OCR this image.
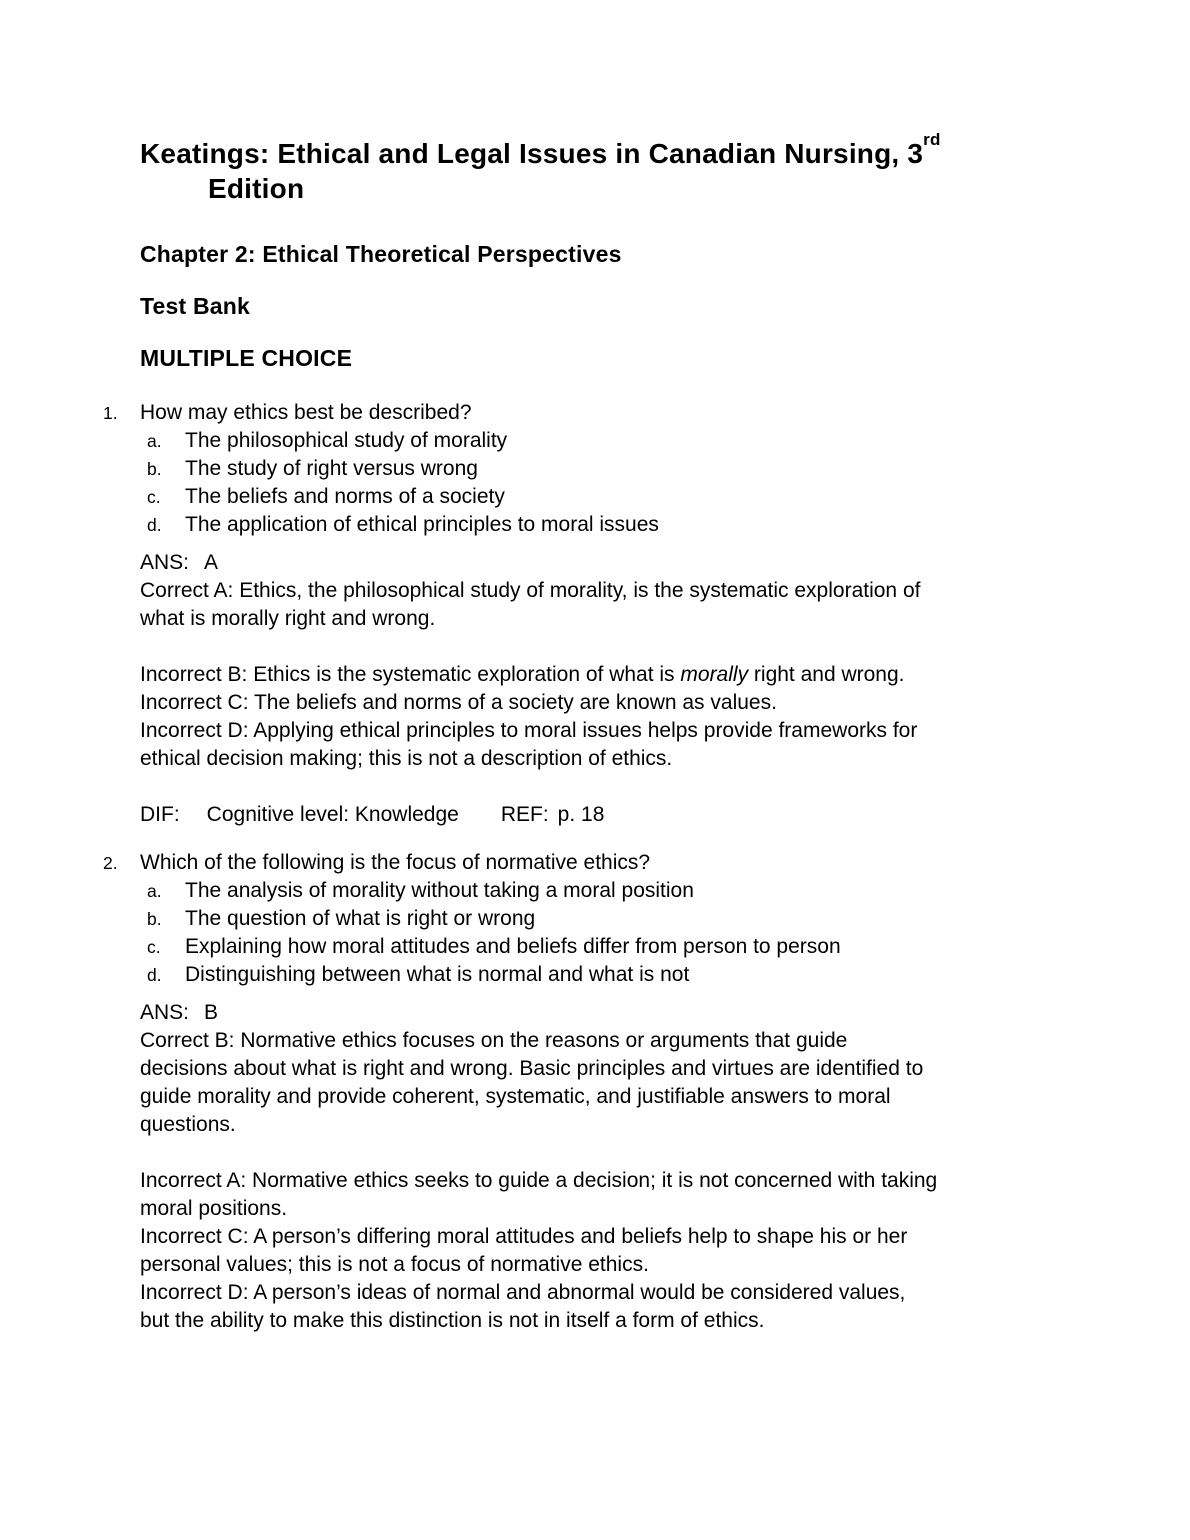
Keatings: Ethical and Legal Issues in Canadian Nursing, 3rd
Edition
Chapter 2: Ethical Theoretical Perspectives
Test Bank
MULTIPLE CHOICE
1.	How may ethics best be described?
a.	The philosophical study of morality
b.	The study of right versus wrong
c.	The beliefs and norms of a society
d.	The application of ethical principles to moral issues
ANS: A

Correct A: Ethics, the philosophical study of morality, is the systematic exploration of what is morally right and wrong.

Incorrect B: Ethics is the systematic exploration of what is morally right and wrong.

Incorrect C: The beliefs and norms of a society are known as values.

Incorrect D: Applying ethical principles to moral issues helps provide frameworks for ethical decision making; this is not a description of ethics.

DIF: Cognitive level: Knowledge REF: p. 18
2.	Which of the following is the focus of normative ethics?
a.	The analysis of morality without taking a moral position
b.	The question of what is right or wrong
c.	Explaining how moral attitudes and beliefs differ from person to person
d.	Distinguishing between what is normal and what is not
ANS: B

Correct B: Normative ethics focuses on the reasons or arguments that guide decisions about what is right and wrong. Basic principles and virtues are identified to guide morality and provide coherent, systematic, and justifiable answers to moral questions.

Incorrect A: Normative ethics seeks to guide a decision; it is not concerned with taking moral positions.

Incorrect C: A person’s differing moral attitudes and beliefs help to shape his or her personal values; this is not a focus of normative ethics.

Incorrect D: A person’s ideas of normal and abnormal would be considered values, but the ability to make this distinction is not in itself a form of ethics.
